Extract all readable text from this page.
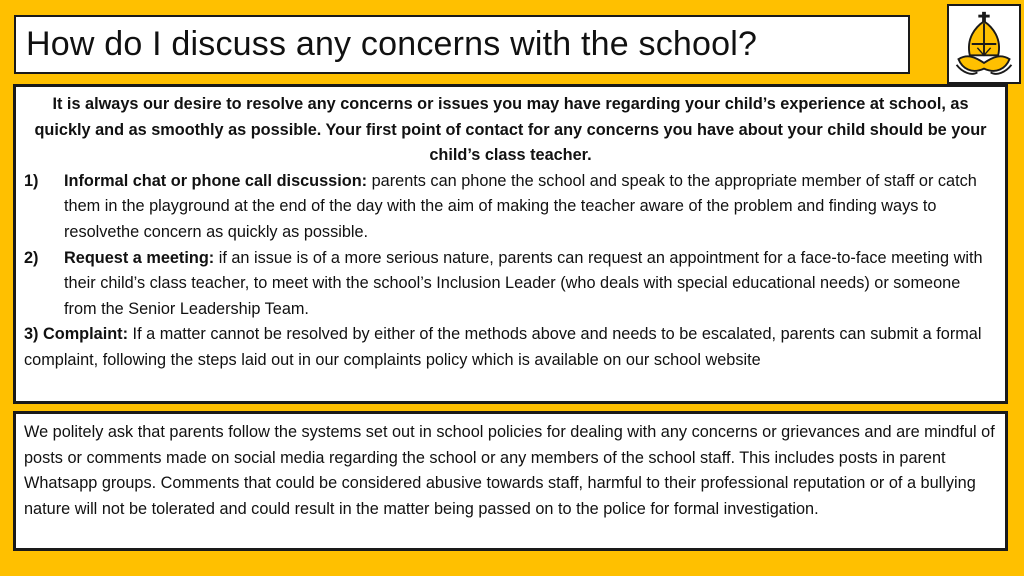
How do I discuss any concerns with the school?
It is always our desire to resolve any concerns or issues you may have regarding your child’s experience at school, as quickly and as smoothly as possible. Your first point of contact for any concerns you have about your child should be your child’s class teacher.
1)	Informal chat or phone call discussion: parents can phone the school and speak to the appropriate member of staff or catch them in the playground at the end of the day with the aim of making the teacher aware of the problem and finding ways to resolvethe concern as quickly as possible.
2)	Request a meeting: if an issue is of a more serious nature, parents can request an appointment for a face-to-face meeting with their child’s class teacher, to meet with the school’s Inclusion Leader (who deals with special educational needs) or someone from the Senior Leadership Team.
3) Complaint: If a matter cannot be resolved by either of the methods above and needs to be escalated, parents can submit a formal complaint, following the steps laid out in our complaints policy which is available on our school website
We politely ask that parents follow the systems set out in school policies for dealing with any concerns or grievances and are mindful of posts or comments made on social media regarding the school or any members of the school staff. This includes posts in parent Whatsapp groups. Comments that could be considered abusive towards staff, harmful to their professional reputation or of a bullying nature will not be tolerated and could result in the matter being passed on to the police for formal investigation.
